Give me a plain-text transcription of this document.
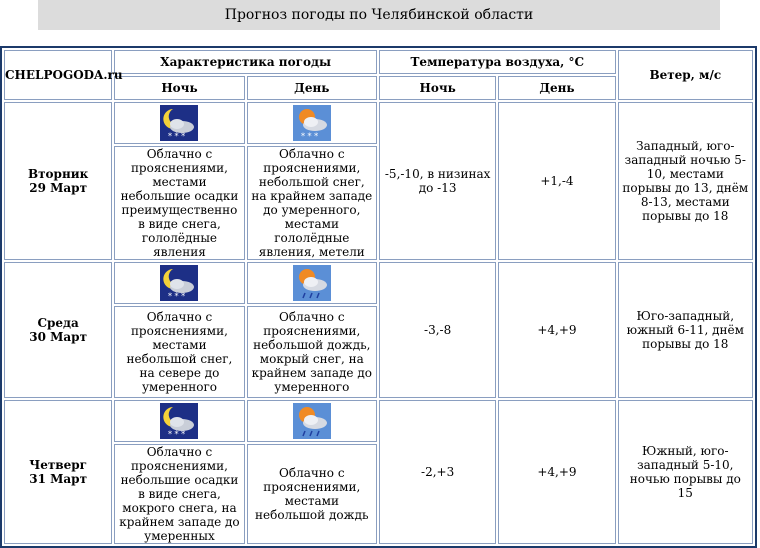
Прогноз погоды по Челябинской области
CHELPOGODA.ru	Характеристика погоды		Температура воздуха, °С		Ветер, м/с
	Ночь	День	Ночь	День	

Вторник
29 Март	* * *	* * *	-5,-10, в низинах до -13	+1,-4	Западный, юго-западный ночью 5-10, местами порывы до 13, днём 8-13, местами порывы до 18
	Облачно с прояснениями, местами небольшие осадки преимущественно в виде снега, гололёдные явления	Облачно с прояснениями, небольшой снег, на крайнем западе до умеренного, местами гололёдные явления, метели			

Среда
30 Март	* * *		-3,-8	+4,+9	Юго-западный, южный 6-11, днём порывы до 18
	Облачно с прояснениями, местами небольшой снег, на севере до умеренного	Облачно с прояснениями, небольшой дождь, мокрый снег, на крайнем западе до умеренного			

Четверг
31 Март	* * *		-2,+3	+4,+9	Южный, юго-западный 5-10, ночью порывы до 15
	Облачно с прояснениями, небольшие осадки в виде снега, мокрого снега, на крайнем западе до умеренных	Облачно с прояснениями, местами небольшой дождь			
